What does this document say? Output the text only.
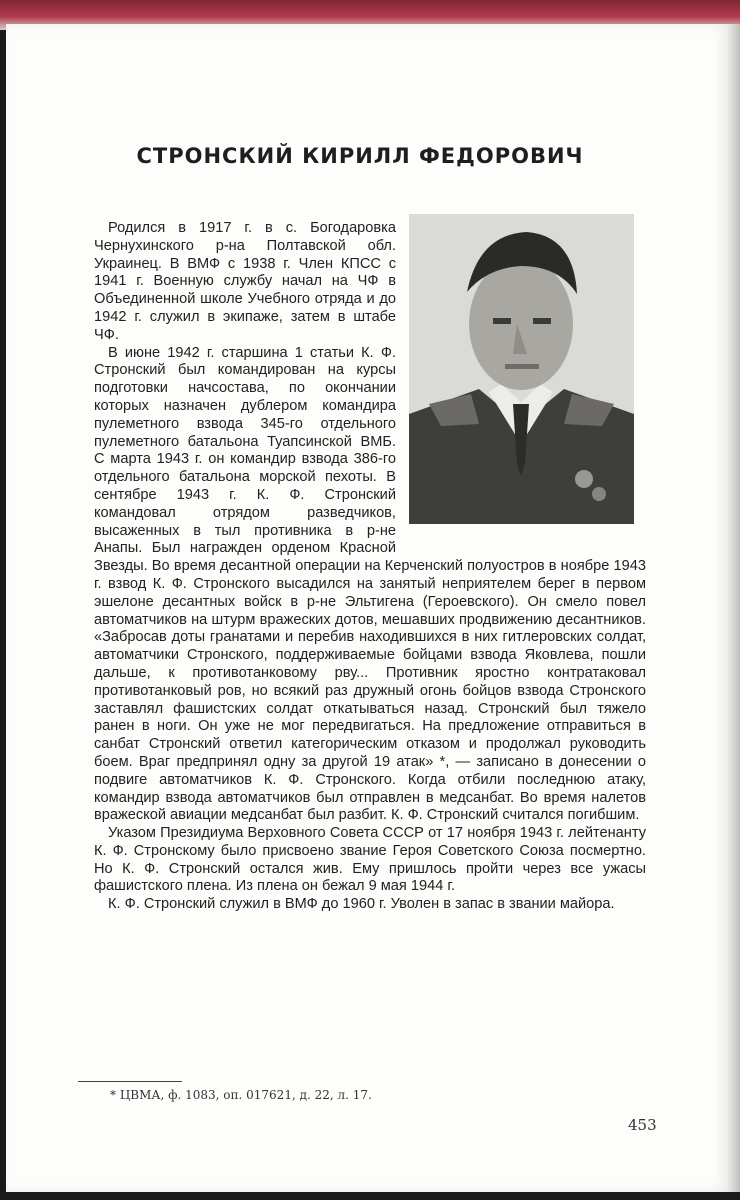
СТРОНСКИЙ КИРИЛЛ ФЕДОРОВИЧ

Родился в 1917 г. в с. Богодаровка Чернухинского р-на Полтавской обл. Украинец. В ВМФ с 1938 г. Член КПСС с 1941 г. Военную службу начал на ЧФ в Объединенной школе Учебного отряда и до 1942 г. служил в экипаже, затем в штабе ЧФ.

В июне 1942 г. старшина 1 статьи К. Ф. Стронский был командирован на курсы подготовки начсостава, по окончании которых назначен дублером командира пулеметного взвода 345-го отдельного пулеметного батальона Туапсинской ВМБ. С марта 1943 г. он командир взвода 386-го отдельного батальона морской пехоты. В сентябре 1943 г. К. Ф. Стронский командовал отрядом разведчиков, высаженных в тыл противника в р-не Анапы. Был награжден орденом Красной Звезды. Во время десантной операции на Керченский полуостров в ноябре 1943 г. взвод К. Ф. Стронского высадился на занятый неприятелем берег в первом эшелоне десантных войск в р-не Эльтигена (Героевского). Он смело повел автоматчиков на штурм вражеских дотов, мешавших продвижению десантников. «Забросав доты гранатами и перебив находившихся в них гитлеровских солдат, автоматчики Стронского, поддерживаемые бойцами взвода Яковлева, пошли дальше, к противотанковому рву... Противник яростно контратаковал противотанковый ров, но всякий раз дружный огонь бойцов взвода Стронского заставлял фашистских солдат откатываться назад. Стронский был тяжело ранен в ноги. Он уже не мог передвигаться. На предложение отправиться в санбат Стронский ответил категорическим отказом и продолжал руководить боем. Враг предпринял одну за другой 19 атак» *, — записано в донесении о подвиге автоматчиков К. Ф. Стронского. Когда отбили последнюю атаку, командир взвода автоматчиков был отправлен в медсанбат. Во время налетов вражеской авиации медсанбат был разбит. К. Ф. Стронский считался погибшим.

Указом Президиума Верховного Совета СССР от 17 ноября 1943 г. лейтенанту К. Ф. Стронскому было присвоено звание Героя Советского Союза посмертно. Но К. Ф. Стронский остался жив. Ему пришлось пройти через все ужасы фашистского плена. Из плена он бежал 9 мая 1944 г.

К. Ф. Стронский служил в ВМФ до 1960 г. Уволен в запас в звании майора.

* ЦВМА, ф. 1083, оп. 017621, д. 22, л. 17.
453
